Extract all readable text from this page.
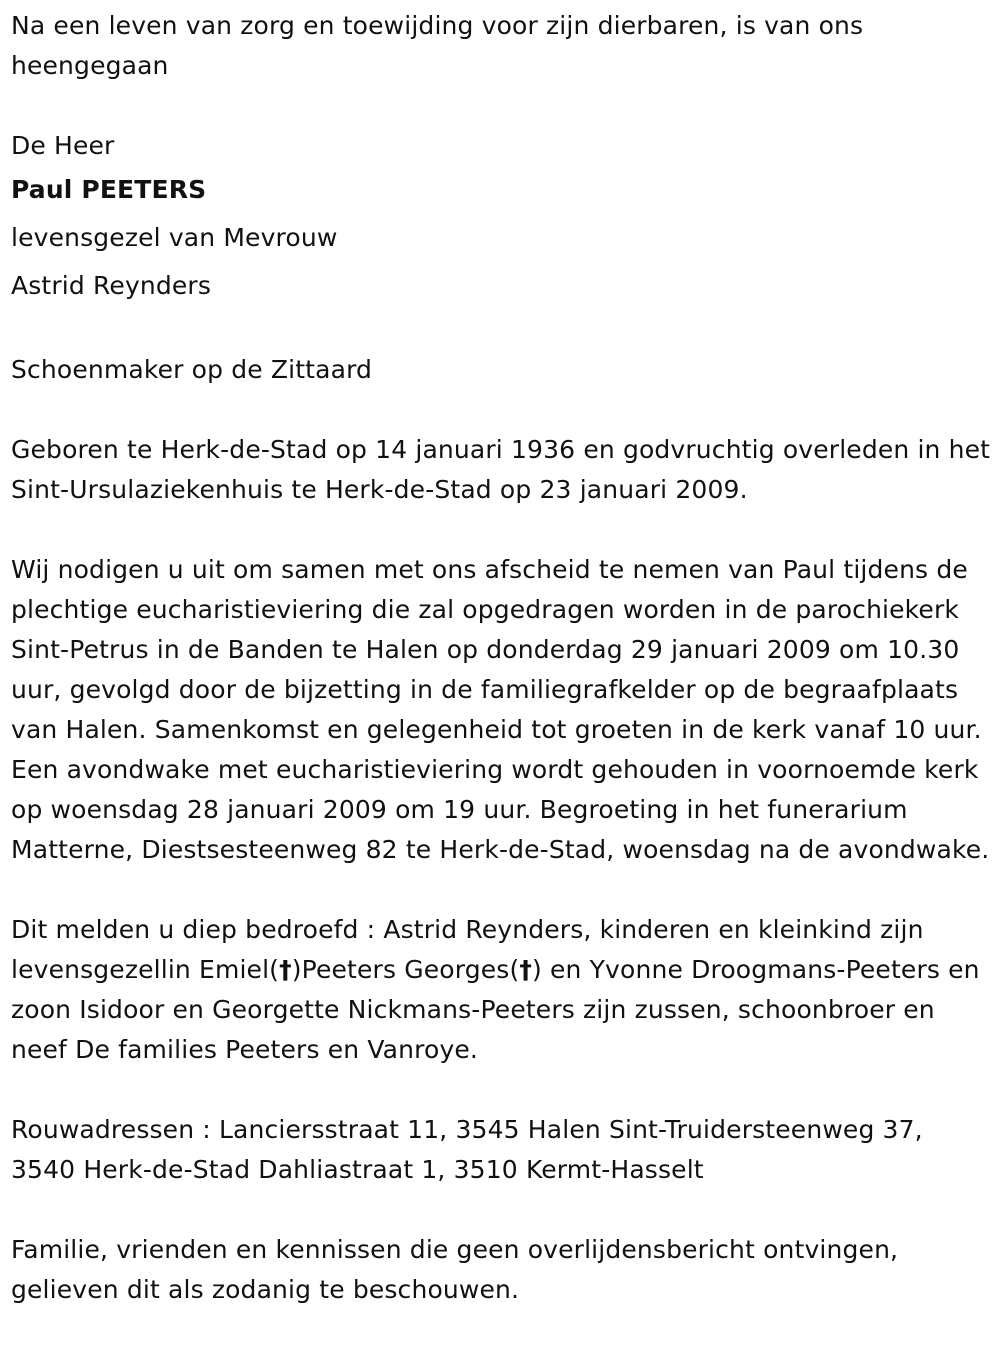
Na een leven van zorg en toewijding voor zijn dierbaren, is van ons heengegaan

De Heer

Paul PEETERS

levensgezel van Mevrouw

Astrid Reynders

Schoenmaker op de Zittaard

Geboren te Herk-de-Stad op 14 januari 1936 en godvruchtig overleden in het Sint-Ursulaziekenhuis te Herk-de-Stad op 23 januari 2009.

Wij nodigen u uit om samen met ons afscheid te nemen van Paul tijdens de plechtige eucharistieviering die zal opgedragen worden in de parochiekerk Sint-Petrus in de Banden te Halen op donderdag 29 januari 2009 om 10.30 uur, gevolgd door de bijzetting in de familiegrafkelder op de begraafplaats van Halen. Samenkomst en gelegenheid tot groeten in de kerk vanaf 10 uur. Een avondwake met eucharistieviering wordt gehouden in voornoemde kerk op woensdag 28 januari 2009 om 19 uur. Begroeting in het funerarium Matterne, Diestsesteenweg 82 te Herk-de-Stad, woensdag na de avondwake.

Dit melden u diep bedroefd : Astrid Reynders, kinderen en kleinkind zijn levensgezellin Emiel(†)Peeters Georges(†) en Yvonne Droogmans-Peeters en zoon Isidoor en Georgette Nickmans-Peeters zijn zussen, schoonbroer en neef De families Peeters en Vanroye.

Rouwadressen : Lanciersstraat 11, 3545 Halen Sint-Truidersteenweg 37, 3540 Herk-de-Stad Dahliastraat 1, 3510 Kermt-Hasselt

Familie, vrienden en kennissen die geen overlijdensbericht ontvingen, gelieven dit als zodanig te beschouwen.
